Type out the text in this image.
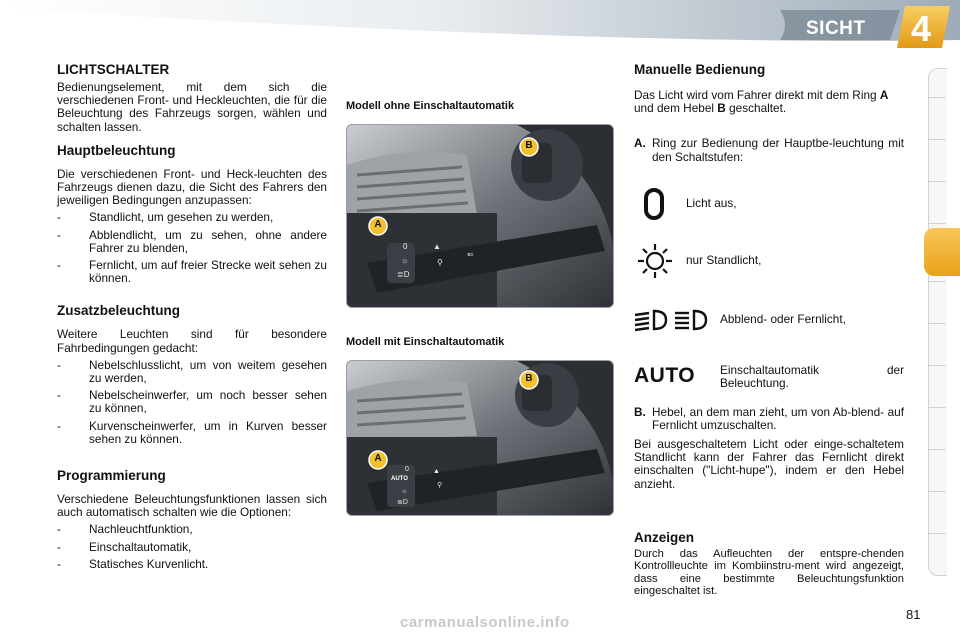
SICHT	4
LICHTSCHALTER
Bedienungselement, mit dem sich die verschiedenen Front- und Heckleuchten, die für die Beleuchtung des Fahrzeugs sorgen, wählen und schalten lassen.
Hauptbeleuchtung
Die verschiedenen Front- und Heck-leuchten des Fahrzeugs dienen dazu, die Sicht des Fahrers den jeweiligen Bedingungen anzupassen:
- Standlicht, um gesehen zu werden,
- Abblendlicht, um zu sehen, ohne andere Fahrer zu blenden,
- Fernlicht, um auf freier Strecke weit sehen zu können.
Zusatzbeleuchtung
Weitere Leuchten sind für besondere Fahrbedingungen gedacht:
- Nebelschlusslicht, um von weitem gesehen zu werden,
- Nebelscheinwerfer, um noch besser sehen zu können,
- Kurvenscheinwerfer, um in Kurven besser sehen zu können.
Programmierung
Verschiedene Beleuchtungsfunktionen lassen sich auch automatisch schalten wie die Optionen:
- Nachleuchtfunktion,
- Einschaltautomatik,
- Statisches Kurvenlicht.
Modell ohne Einschaltautomatik
0
☼
≣D
▲
⚲
⇐
B
A
Modell mit Einschaltautomatik
0
☼
≣D
▲
⚲
B
A
AUTO
Manuelle Bedienung
Das Licht wird vom Fahrer direkt mit dem Ring A und dem Hebel B geschaltet.
A. Ring zur Bedienung der Hauptbe-leuchtung mit den Schaltstufen:
Licht aus,
nur Standlicht,
Abblend- oder Fernlicht,
AUTO Einschaltautomatik der Beleuchtung.
B. Hebel, an dem man zieht, um von Ab-blend- auf Fernlicht umzuschalten.
Bei ausgeschaltetem Licht oder einge-schaltetem Standlicht kann der Fahrer das Fernlicht direkt einschalten ("Licht-hupe"), indem er den Hebel anzieht.
Anzeigen
Durch das Aufleuchten der entspre-chenden Kontrollleuchte im Kombiinstru-ment wird angezeigt, dass eine bestimmte Beleuchtungsfunktion eingeschaltet ist.
81
carmanualsonline.info
